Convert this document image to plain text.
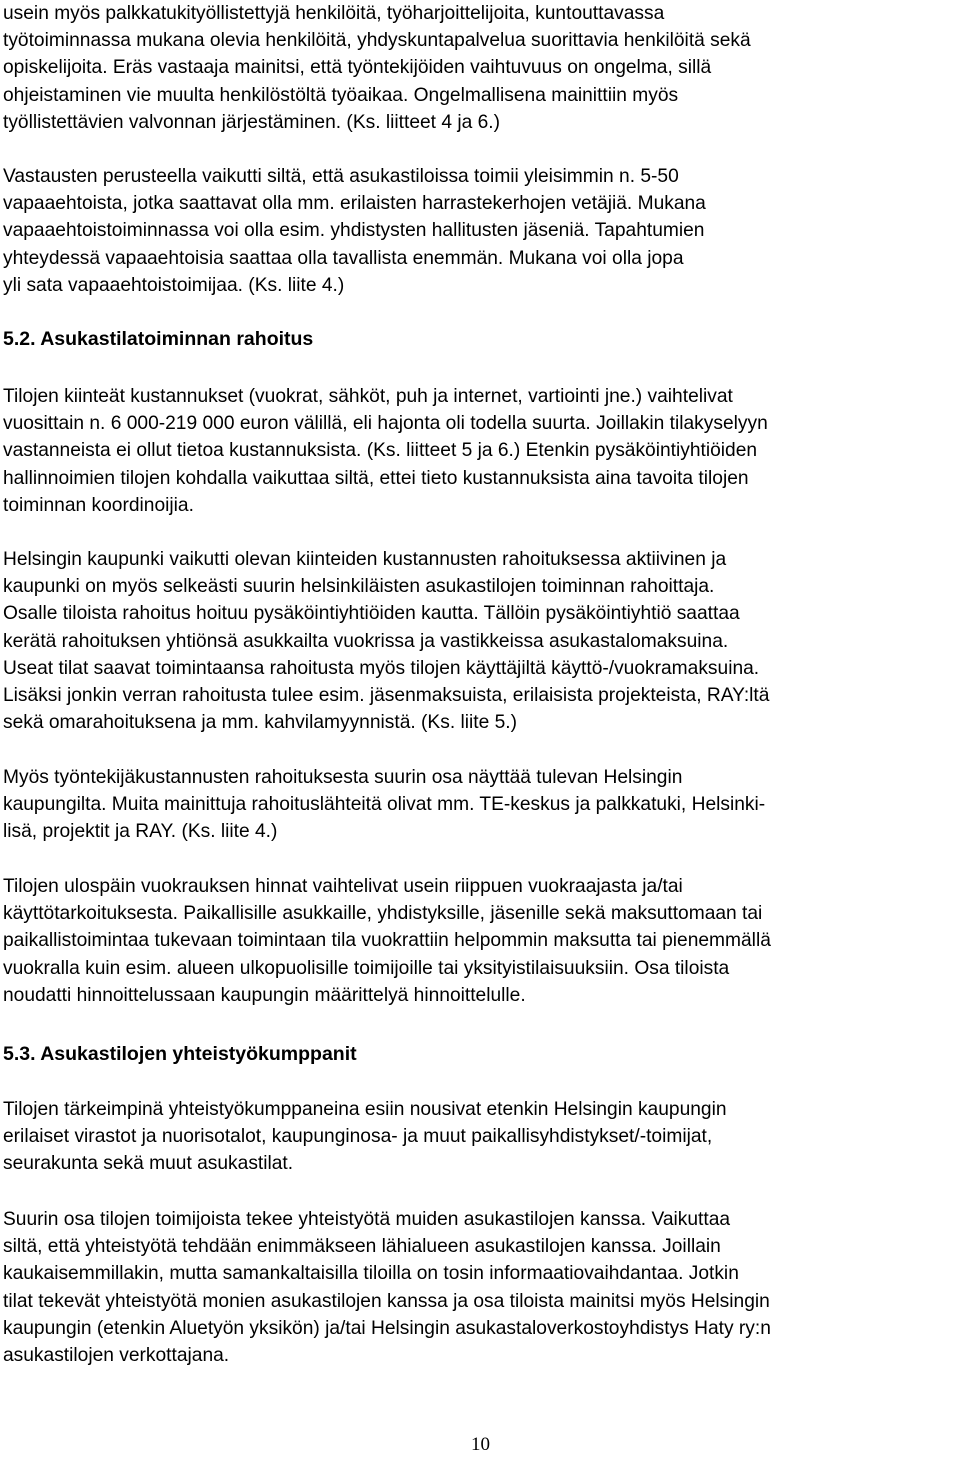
usein myös palkkatukityöllistettyjä henkilöitä, työharjoittelijoita, kuntouttavassa
työtoiminnassa mukana olevia henkilöitä, yhdyskuntapalvelua suorittavia henkilöitä sekä
opiskelijoita. Eräs vastaaja mainitsi, että työntekijöiden vaihtuvuus on ongelma, sillä
ohjeistaminen vie muulta henkilöstöltä työaikaa. Ongelmallisena mainittiin myös
työllistettävien valvonnan järjestäminen. (Ks. liitteet 4 ja 6.)
Vastausten perusteella vaikutti siltä, että asukastiloissa toimii yleisimmin n. 5-50
vapaaehtoista, jotka saattavat olla mm. erilaisten harrastekerhojen vetäjiä. Mukana
vapaaehtoistoiminnassa voi olla esim. yhdistysten hallitusten jäseniä. Tapahtumien
yhteydessä vapaaehtoisia saattaa olla tavallista enemmän. Mukana voi olla jopa
yli sata vapaaehtoistoimijaa. (Ks. liite 4.)
5.2. Asukastilatoiminnan rahoitus
Tilojen kiinteät kustannukset (vuokrat, sähköt, puh ja internet, vartiointi jne.) vaihtelivat
vuosittain n. 6 000-219 000 euron välillä, eli hajonta oli todella suurta. Joillakin tilakyselyyn
vastanneista ei ollut tietoa kustannuksista. (Ks. liitteet 5 ja 6.) Etenkin pysäköintiyhtiöiden
hallinnoimien tilojen kohdalla vaikuttaa siltä, ettei tieto kustannuksista aina tavoita tilojen
toiminnan koordinoijia.
Helsingin kaupunki vaikutti olevan kiinteiden kustannusten rahoituksessa aktiivinen ja
kaupunki on myös selkeästi suurin helsinkiläisten asukastilojen toiminnan rahoittaja.
Osalle tiloista rahoitus hoituu pysäköintiyhtiöiden kautta. Tällöin pysäköintiyhtiö saattaa
kerätä rahoituksen yhtiönsä asukkailta vuokrissa ja vastikkeissa asukastalomaksuina.
Useat tilat saavat toimintaansa rahoitusta myös tilojen käyttäjiltä käyttö-/vuokramaksuina.
Lisäksi jonkin verran rahoitusta tulee esim. jäsenmaksuista, erilaisista projekteista, RAY:ltä
sekä omarahoituksena ja mm. kahvilamyynnistä. (Ks. liite 5.)
Myös työntekijäkustannusten rahoituksesta suurin osa näyttää tulevan Helsingin
kaupungilta. Muita mainittuja rahoituslähteitä olivat mm. TE-keskus ja palkkatuki, Helsinki-
lisä, projektit ja RAY. (Ks. liite 4.)
Tilojen ulospäin vuokrauksen hinnat vaihtelivat usein riippuen vuokraajasta ja/tai
käyttötarkoituksesta. Paikallisille asukkaille, yhdistyksille, jäsenille sekä maksuttomaan tai
paikallistoimintaa tukevaan toimintaan tila vuokrattiin helpommin maksutta tai pienemmällä
vuokralla kuin esim. alueen ulkopuolisille toimijoille tai yksityistilaisuuksiin. Osa tiloista
noudatti hinnoittelussaan kaupungin määrittelyä hinnoittelulle.
5.3. Asukastilojen yhteistyökumppanit
Tilojen tärkeimpinä yhteistyökumppaneina esiin nousivat etenkin Helsingin kaupungin
erilaiset virastot ja nuorisotalot, kaupunginosa- ja muut paikallisyhdistykset/-toimijat,
seurakunta sekä muut asukastilat.
Suurin osa tilojen toimijoista tekee yhteistyötä muiden asukastilojen kanssa. Vaikuttaa
siltä, että yhteistyötä tehdään enimmäkseen lähialueen asukastilojen kanssa. Joillain
kaukaisemmillakin, mutta samankaltaisilla tiloilla on tosin informaatiovaihdantaa. Jotkin
tilat tekevät yhteistyötä monien asukastilojen kanssa ja osa tiloista mainitsi myös Helsingin
kaupungin (etenkin Aluetyön yksikön) ja/tai Helsingin asukastaloverkostoyhdistys Haty ry:n
asukastilojen verkottajana.
10
